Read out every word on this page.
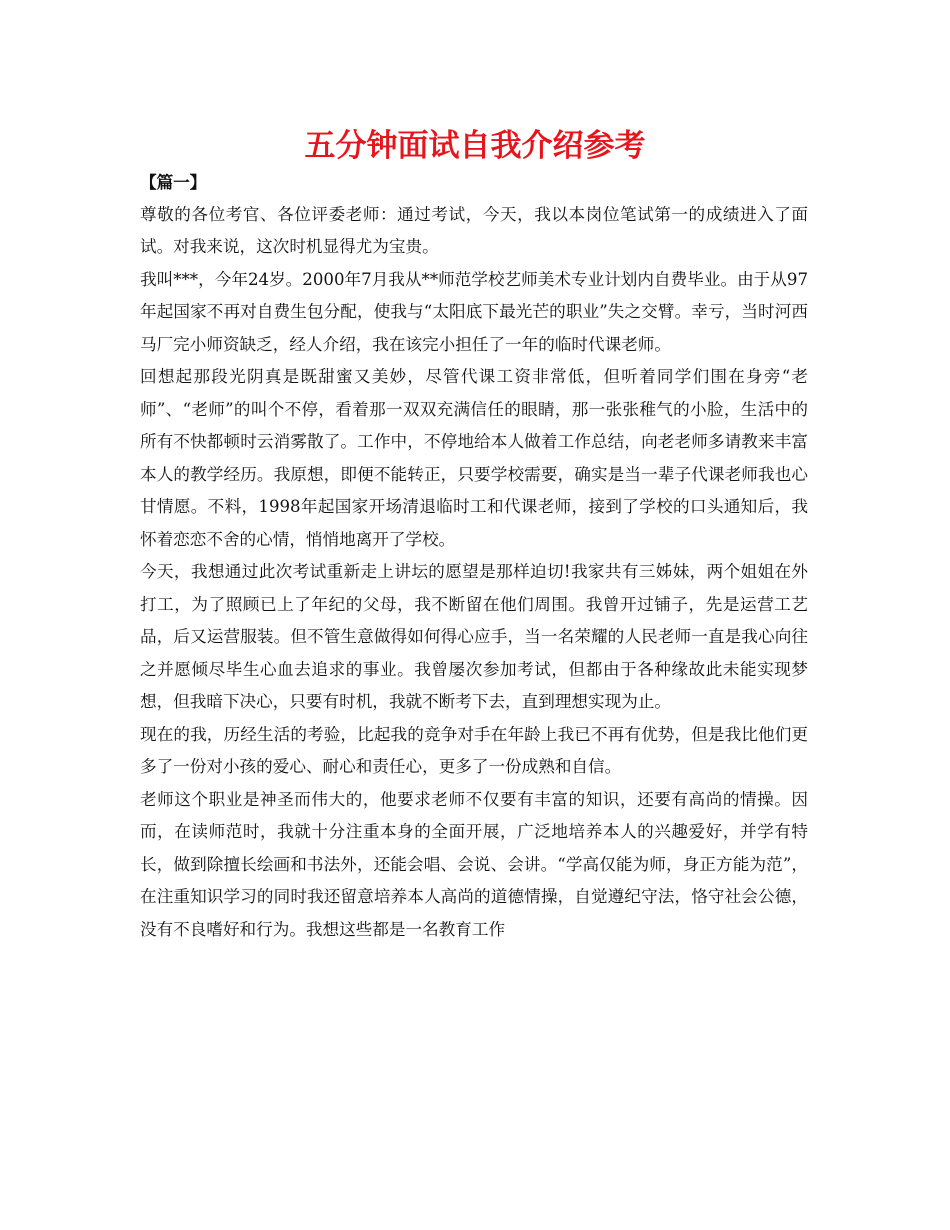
五分钟面试自我介绍参考

【篇一】

尊敬的各位考官、各位评委老师：通过考试，今天，我以本岗位笔试第一的成绩进入了面试。对我来说，这次时机显得尤为宝贵。

我叫***，今年24岁。2000年7月我从**师范学校艺师美术专业计划内自费毕业。由于从97年起国家不再对自费生包分配，使我与“太阳底下最光芒的职业”失之交臂。幸亏，当时河西马厂完小师资缺乏，经人介绍，我在该完小担任了一年的临时代课老师。

回想起那段光阴真是既甜蜜又美妙，尽管代课工资非常低，但听着同学们围在身旁“老师”、“老师”的叫个不停，看着那一双双充满信任的眼睛，那一张张稚气的小脸，生活中的所有不快都顿时云消雾散了。工作中，不停地给本人做着工作总结，向老老师多请教来丰富本人的教学经历。我原想，即便不能转正，只要学校需要，确实是当一辈子代课老师我也心甘情愿。不料，1998年起国家开场清退临时工和代课老师，接到了学校的口头通知后，我怀着恋恋不舍的心情，悄悄地离开了学校。

今天，我想通过此次考试重新走上讲坛的愿望是那样迫切!我家共有三姊妹，两个姐姐在外打工，为了照顾已上了年纪的父母，我不断留在他们周围。我曾开过铺子，先是运营工艺品，后又运营服装。但不管生意做得如何得心应手，当一名荣耀的人民老师一直是我心向往之并愿倾尽毕生心血去追求的事业。我曾屡次参加考试，但都由于各种缘故此未能实现梦想，但我暗下决心，只要有时机，我就不断考下去，直到理想实现为止。

现在的我，历经生活的考验，比起我的竞争对手在年龄上我已不再有优势，但是我比他们更多了一份对小孩的爱心、耐心和责任心，更多了一份成熟和自信。

老师这个职业是神圣而伟大的，他要求老师不仅要有丰富的知识，还要有高尚的情操。因而，在读师范时，我就十分注重本身的全面开展，广泛地培养本人的兴趣爱好，并学有特长，做到除擅长绘画和书法外，还能会唱、会说、会讲。“学高仅能为师，身正方能为范”，在注重知识学习的同时我还留意培养本人高尚的道德情操，自觉遵纪守法，恪守社会公德，没有不良嗜好和行为。我想这些都是一名教育工作
